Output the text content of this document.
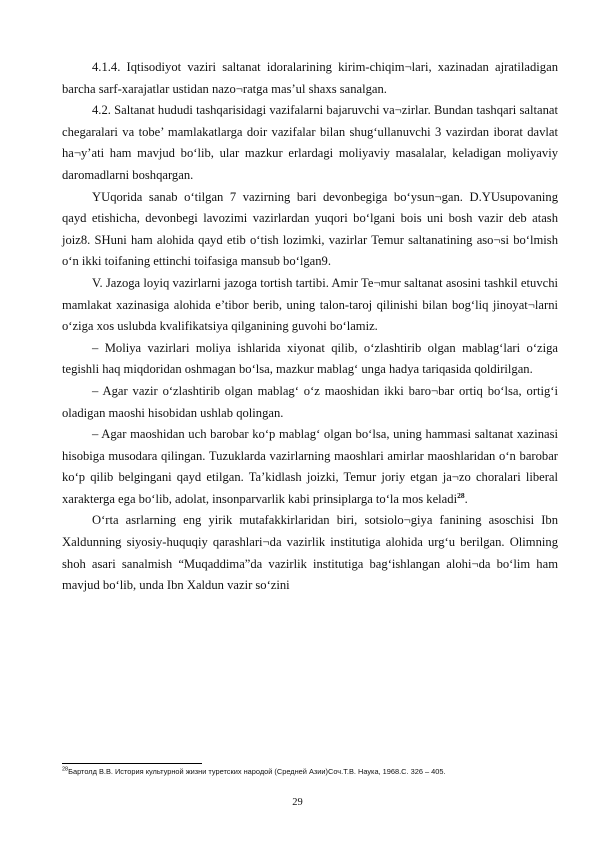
4.1.4. Iqtisodiyot vaziri saltanat idoralarining kirim-chiqim¬lari, xazinadan ajratiladigan barcha sarf-xarajatlar ustidan nazo¬ratga mas’ul shaxs sanalgan.

4.2. Saltanat hududi tashqarisidagi vazifalarni bajaruvchi va¬zirlar. Bundan tashqari saltanat chegaralari va tobe’ mamlakatlarga doir vazifalar bilan shug‘ullanuvchi 3 vazirdan iborat davlat ha¬y’ati ham mavjud bo‘lib, ular mazkur erlardagi moliyaviy masalalar, keladigan moliyaviy daromadlarni boshqargan.

YUqorida sanab o‘tilgan 7 vazirning bari devonbegiga bo‘ysun¬gan. D.YUsupovaning qayd etishicha, devonbegi lavozimi vazirlardan yuqori bo‘lgani bois uni bosh vazir deb atash joiz8. SHuni ham alohida qayd etib o‘tish lozimki, vazirlar Temur saltanatining aso¬si bo‘lmish o‘n ikki toifaning ettinchi toifasiga mansub bo‘lgan9.

V. Jazoga loyiq vazirlarni jazoga tortish tartibi. Amir Te¬mur saltanat asosini tashkil etuvchi mamlakat xazinasiga alohida e’tibor berib, uning talon-taroj qilinishi bilan bog‘liq jinoyat¬larni o‘ziga xos uslubda kvalifikatsiya qilganining guvohi bo‘lamiz.

– Moliya vazirlari moliya ishlarida xiyonat qilib, o‘zlashtirib olgan mablag‘lari o‘ziga tegishli haq miqdoridan oshmagan bo‘lsa, mazkur mablag‘ unga hadya tariqasida qoldirilgan.

– Agar vazir o‘zlashtirib olgan mablag‘ o‘z maoshidan ikki baro¬bar ortiq bo‘lsa, ortig‘i oladigan maoshi hisobidan ushlab qolingan.

– Agar maoshidan uch barobar ko‘p mablag‘ olgan bo‘lsa, uning hammasi saltanat xazinasi hisobiga musodara qilingan. Tuzuklarda vazirlarning maoshlari amirlar maoshlaridan o‘n barobar ko‘p qilib belgingani qayd etilgan. Ta’kidlash joizki, Temur joriy etgan ja¬zo choralari liberal xarakterga ega bo‘lib, adolat, insonparvarlik kabi prinsiplarga to‘la mos keladi$^{28}$.

O‘rta asrlarning eng yirik mutafakkirlaridan biri, sotsiolo¬giya fanining asoschisi Ibn Xaldunning siyosiy-huquqiy qarashlari¬da vazirlik institutiga alohida urg‘u berilgan. Olimning shoh asari sanalmish “Muqaddima”da vazirlik institutiga bag‘ishlangan alohi¬da bo‘lim ham mavjud bo‘lib, unda Ibn Xaldun vazir so‘zini

$^{28}$Бартолд В.В. История культурной жизни туретских народой (Средней Азии)Соч.Т.В. Наука, 1968.С. 326 – 405.

29
